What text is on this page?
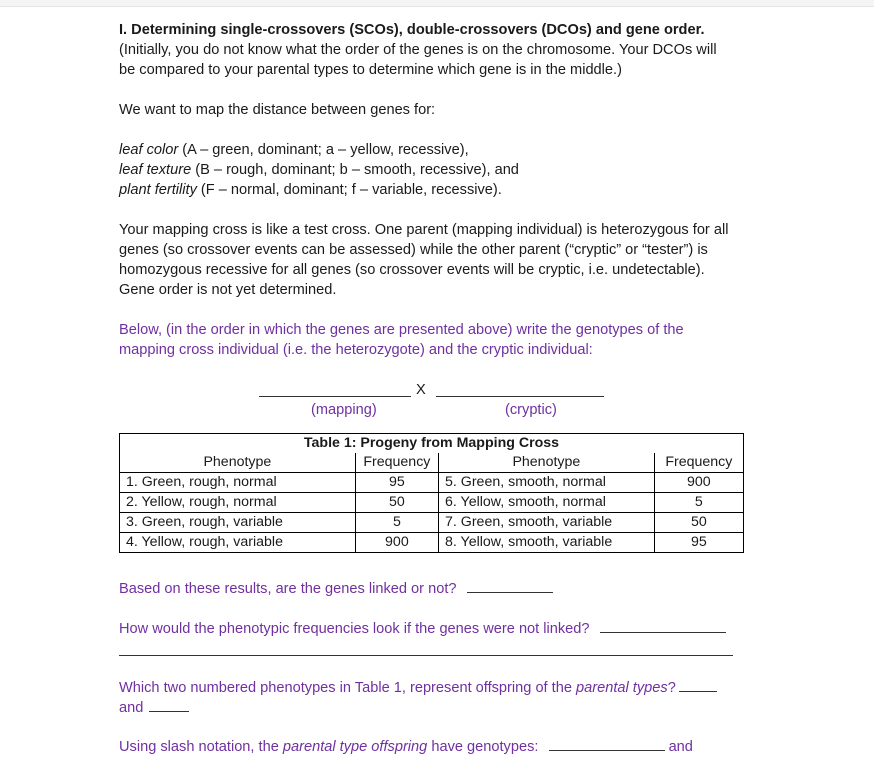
I. Determining single-crossovers (SCOs), double-crossovers (DCOs) and gene order.

(Initially, you do not know what the order of the genes is on the chromosome. Your DCOs will

be compared to your parental types to determine which gene is in the middle.)

We want to map the distance between genes for:

leaf color (A – green, dominant; a – yellow, recessive),

leaf texture (B – rough, dominant; b – smooth, recessive), and

plant fertility (F – normal, dominant; f – variable, recessive).

Your mapping cross is like a test cross. One parent (mapping individual) is heterozygous for all

genes (so crossover events can be assessed) while the other parent (“cryptic” or “tester”) is

homozygous recessive for all genes (so crossover events will be cryptic, i.e. undetectable).

Gene order is not yet determined.

Below, (in the order in which the genes are presented above) write the genotypes of the

mapping cross individual (i.e. the heterozygote) and the cryptic individual:

X
(mapping)	(cryptic)
Table 1: Progeny from Mapping Cross			
Phenotype	Frequency	Phenotype	Frequency
1. Green, rough, normal	95	5. Green, smooth, normal	900
2. Yellow, rough, normal	50	6. Yellow, smooth, normal	5
3. Green, rough, variable	5	7. Green, smooth, variable	50
4. Yellow, rough, variable	900	8. Yellow, smooth, variable	95
Based on these results, are the genes linked or not?
How would the phenotypic frequencies look if the genes were not linked?
Which two numbered phenotypes in Table 1, represent offspring of the parental types?
and
Using slash notation, the parental type offspring have genotypes:	and
